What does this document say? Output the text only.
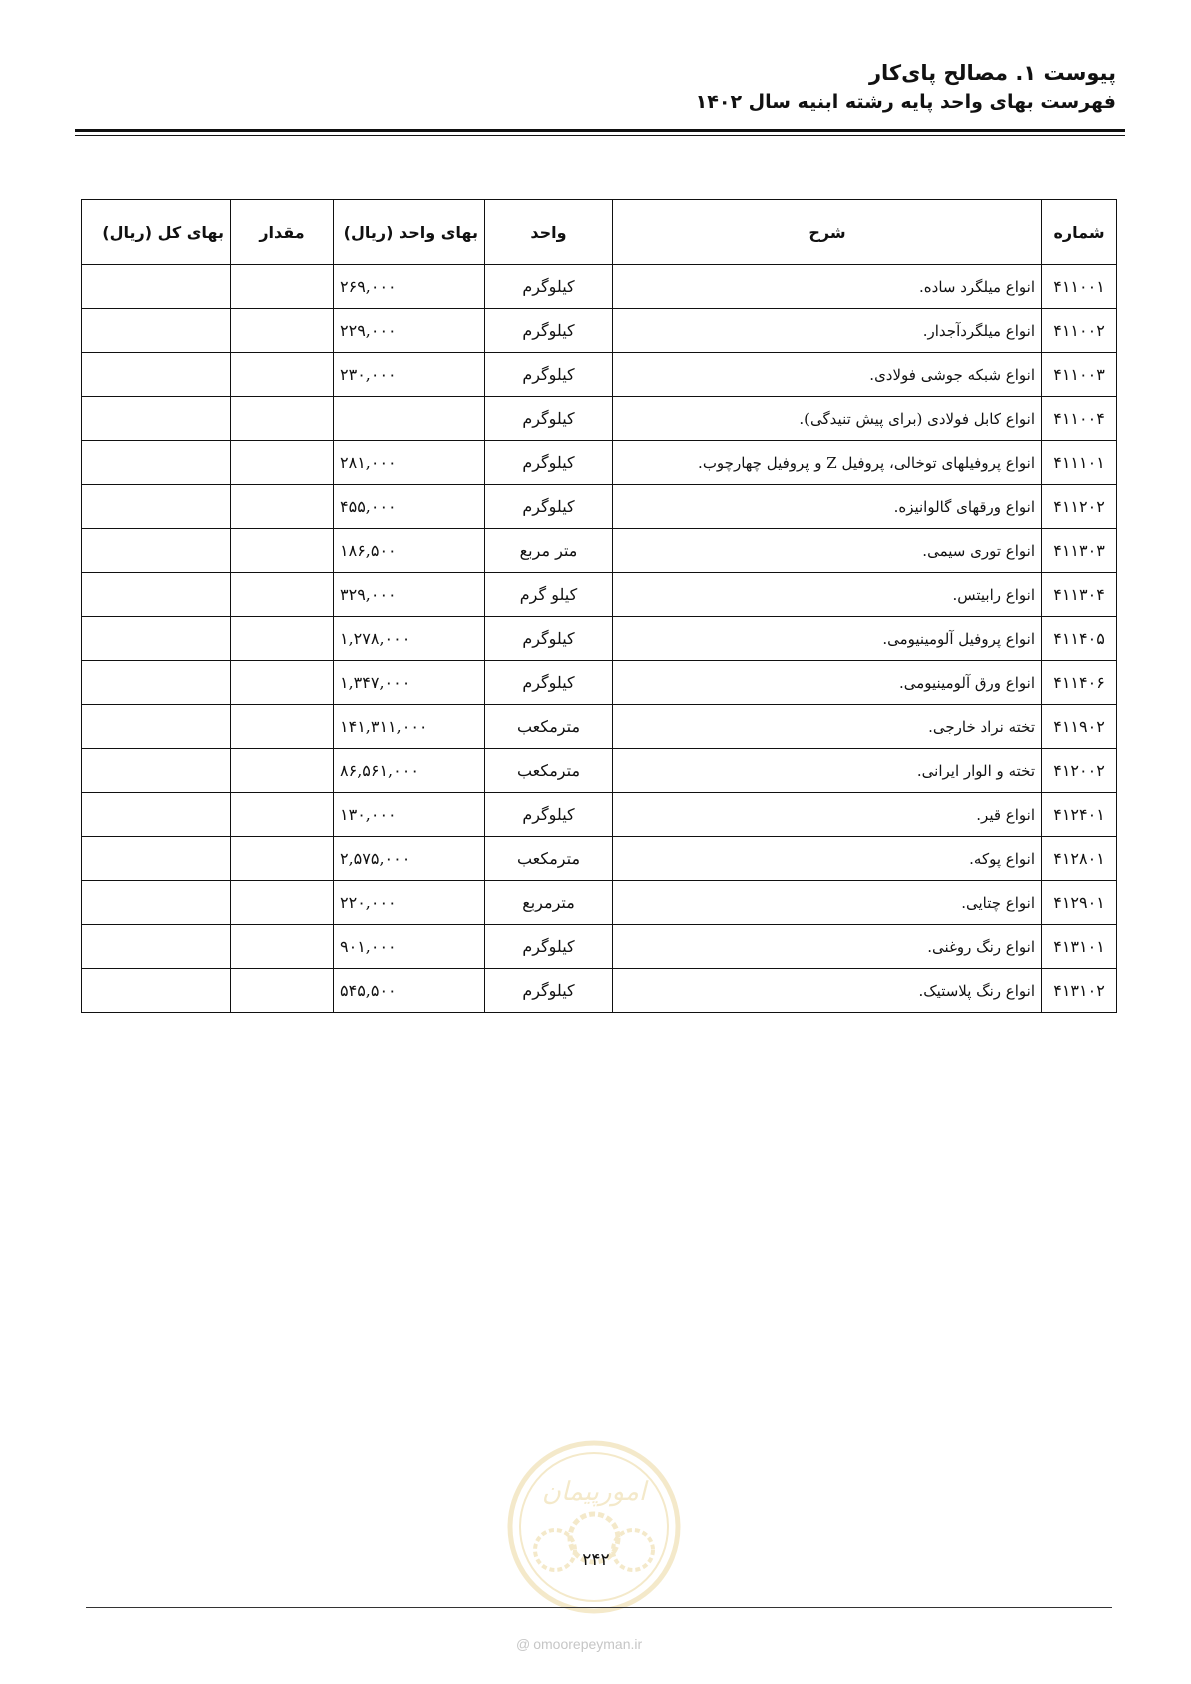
پیوست ۱. مصالح پای‌کار
فهرست بهای واحد پایه رشته ابنیه سال ۱۴۰۲
شماره	شرح	واحد	بهای واحد (ریال)	مقدار	بهای کل (ریال)
۴۱۱۰۰۱	انواع میلگرد ساده.	کیلوگرم	۲۶۹,۰۰۰		
۴۱۱۰۰۲	انواع میلگردآجدار.	کیلوگرم	۲۲۹,۰۰۰		
۴۱۱۰۰۳	انواع شبکه جوشی فولادی.	کیلوگرم	۲۳۰,۰۰۰		
۴۱۱۰۰۴	انواع کابل فولادی (برای پیش تنیدگی).	کیلوگرم			
۴۱۱۱۰۱	انواع پروفیلهای توخالی، پروفیل Z و پروفیل چهارچوب.	کیلوگرم	۲۸۱,۰۰۰		
۴۱۱۲۰۲	انواع ورقهای گالوانیزه.	کیلوگرم	۴۵۵,۰۰۰		
۴۱۱۳۰۳	انواع توری سیمی.	متر مربع	۱۸۶,۵۰۰		
۴۱۱۳۰۴	انواع رابیتس.	کیلو گرم	۳۲۹,۰۰۰		
۴۱۱۴۰۵	انواع پروفیل آلومینیومی.	کیلوگرم	۱,۲۷۸,۰۰۰		
۴۱۱۴۰۶	انواع ورق آلومینیومی.	کیلوگرم	۱,۳۴۷,۰۰۰		
۴۱۱۹۰۲	تخته نراد خارجی.	مترمکعب	۱۴۱,۳۱۱,۰۰۰		
۴۱۲۰۰۲	تخته و الوار ایرانی.	مترمکعب	۸۶,۵۶۱,۰۰۰		
۴۱۲۴۰۱	انواع قیر.	کیلوگرم	۱۳۰,۰۰۰		
۴۱۲۸۰۱	انواع پوکه.	مترمکعب	۲,۵۷۵,۰۰۰		
۴۱۲۹۰۱	انواع چتایی.	مترمربع	۲۲۰,۰۰۰		
۴۱۳۱۰۱	انواع رنگ روغنی.	کیلوگرم	۹۰۱,۰۰۰		
۴۱۳۱۰۲	انواع رنگ پلاستیک.	کیلوگرم	۵۴۵,۵۰۰		
امورپیمان
۲۴۲
@ omoorepeyman.ir
